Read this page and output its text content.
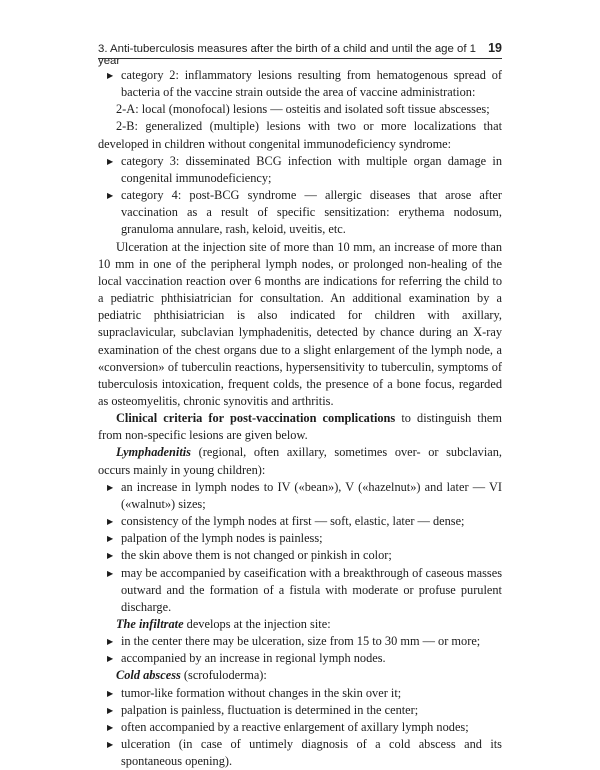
3. Anti-tuberculosis measures after the birth of a child and until the age of 1 year
19
▶ category 2: inflammatory lesions resulting from hematogenous spread of bacteria of the vaccine strain outside the area of vaccine administration:

2-A: local (monofocal) lesions — osteitis and isolated soft tissue abscesses;

2-B: generalized (multiple) lesions with two or more localizations that developed in children without congenital immunodeficiency syndrome:

▶ category 3: disseminated BCG infection with multiple organ damage in congenital immunodeficiency;
▶ category 4: post-BCG syndrome — allergic diseases that arose after vaccination as a result of specific sensitization: erythema nodosum, granuloma annulare, rash, keloid, uveitis, etc.

Ulceration at the injection site of more than 10 mm, an increase of more than 10 mm in one of the peripheral lymph nodes, or prolonged non-healing of the local vaccination reaction over 6 months are indications for referring the child to a pediatric phthisiatrician for consultation. An additional examination by a pediatric phthisiatrician is also indicated for children with axillary, supraclavicular, subclavian lymphadenitis, detected by chance during an X-ray examination of the chest organs due to a slight enlargement of the lymph node, a «conversion» of tuberculin reactions, hypersensitivity to tuberculin, symptoms of tuberculosis intoxication, frequent colds, the presence of a bone focus, regarded as osteomyelitis, chronic synovitis and arthritis.

Clinical criteria for post-vaccination complications to distinguish them from non-specific lesions are given below.

Lymphadenitis (regional, often axillary, sometimes over- or subclavian, occurs mainly in young children):

▶ an increase in lymph nodes to IV («bean»), V («hazelnut») and later — VI («walnut») sizes;
▶ consistency of the lymph nodes at first — soft, elastic, later — dense;
▶ palpation of the lymph nodes is painless;
▶ the skin above them is not changed or pinkish in color;
▶ may be accompanied by caseification with a breakthrough of caseous masses outward and the formation of a fistula with moderate or profuse purulent discharge.

The infiltrate develops at the injection site:

▶ in the center there may be ulceration, size from 15 to 30 mm — or more;
▶ accompanied by an increase in regional lymph nodes.

Cold abscess (scrofuloderma):

▶ tumor-like formation without changes in the skin over it;
▶ palpation is painless, fluctuation is determined in the center;
▶ often accompanied by a reactive enlargement of axillary lymph nodes;
▶ ulceration (in case of untimely diagnosis of a cold abscess and its spontaneous opening).
